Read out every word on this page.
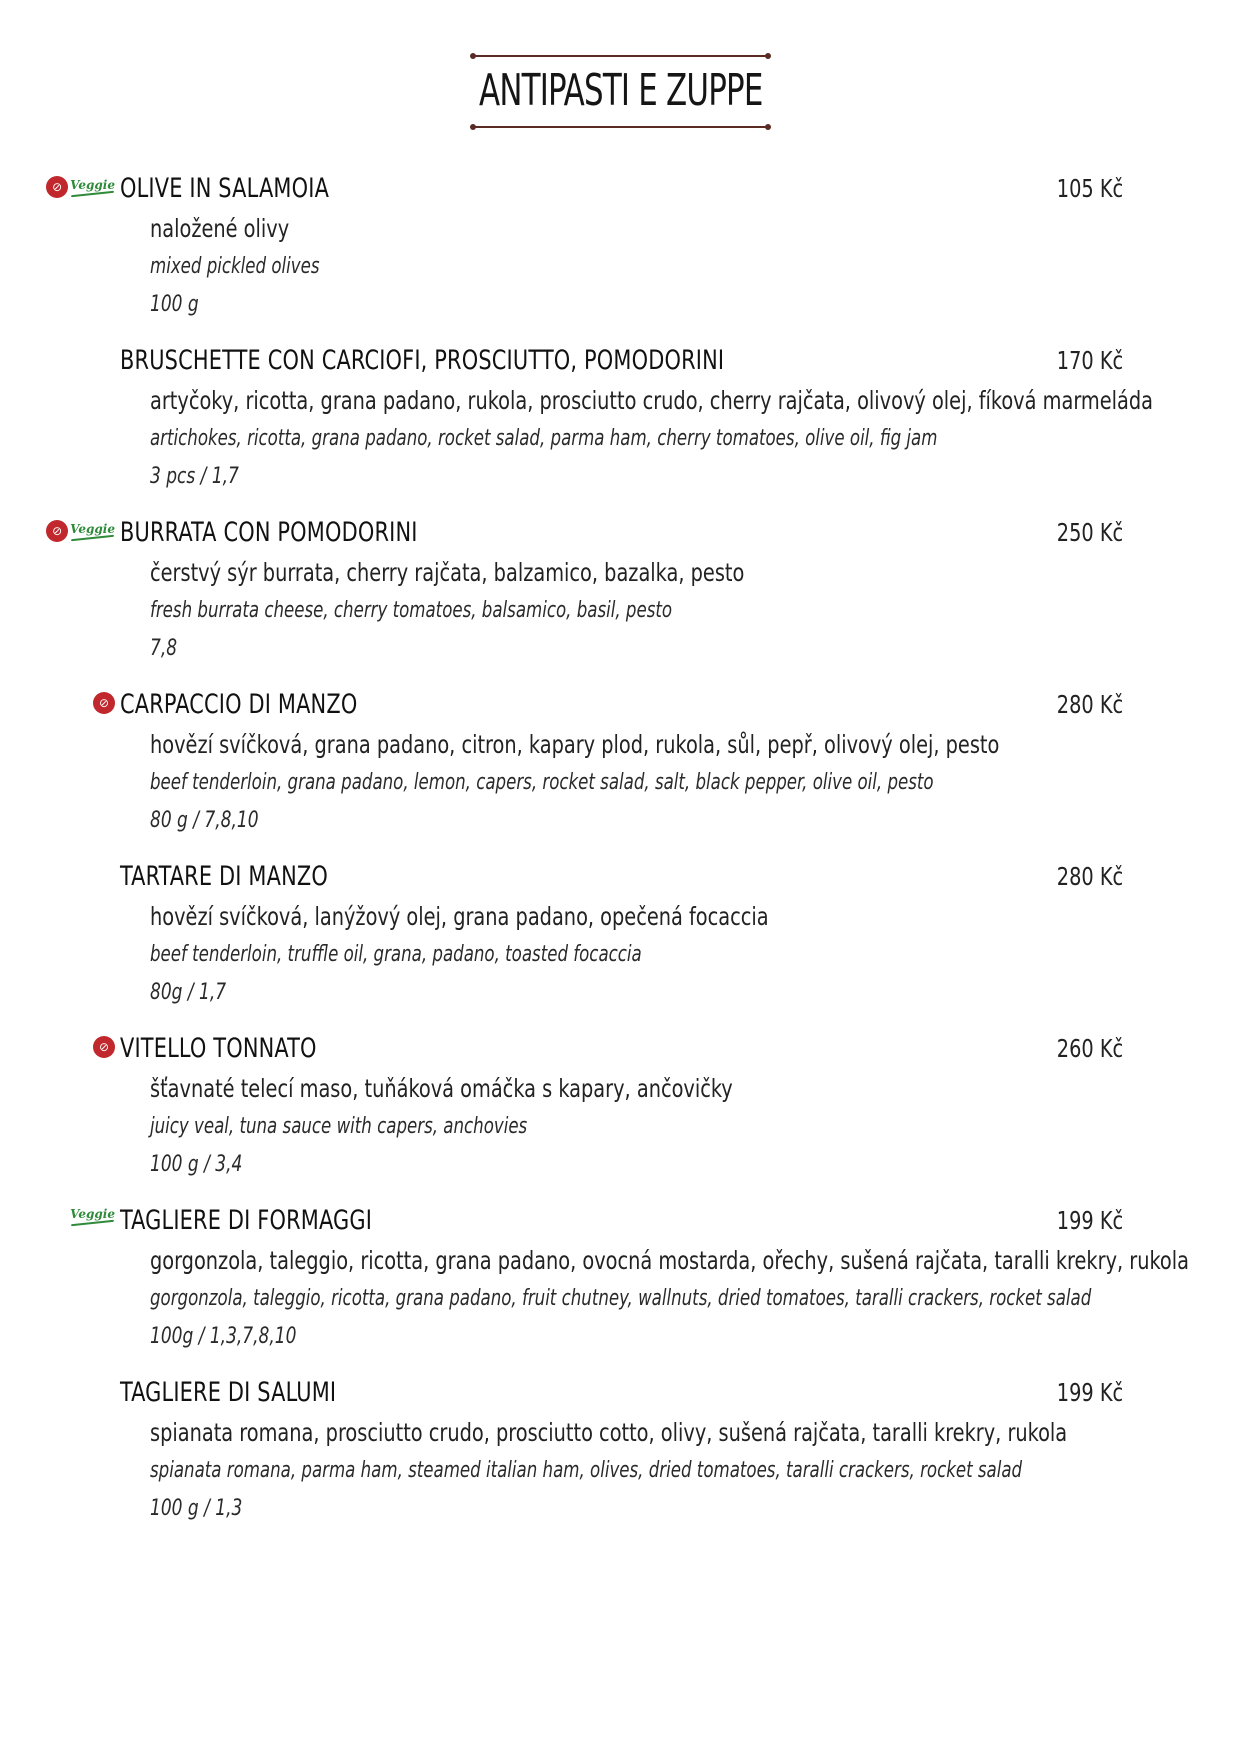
ANTIPASTI E ZUPPE
⊘ Veggie OLIVE IN SALAMOIA	105 Kč
naložené olivy
mixed pickled olives
100 g
BRUSCHETTE CON CARCIOFI, PROSCIUTTO, POMODORINI	170 Kč
artyčoky, ricotta, grana padano, rukola, prosciutto crudo, cherry rajčata, olivový olej, fíková marmeláda
artichokes, ricotta, grana padano, rocket salad, parma ham, cherry tomatoes, olive oil, fig jam
3 pcs / 1,7
⊘ Veggie BURRATA CON POMODORINI	250 Kč
čerstvý sýr burrata, cherry rajčata, balzamico, bazalka, pesto
fresh burrata cheese, cherry tomatoes, balsamico, basil, pesto
7,8
⊘ CARPACCIO DI MANZO	280 Kč
hovězí svíčková, grana padano, citron, kapary plod, rukola, sůl, pepř, olivový olej, pesto
beef tenderloin, grana padano, lemon, capers, rocket salad, salt, black pepper, olive oil, pesto
80 g / 7,8,10
TARTARE DI MANZO	280 Kč
hovězí svíčková, lanýžový olej, grana padano, opečená focaccia
beef tenderloin, truffle oil, grana, padano, toasted focaccia
80g / 1,7
⊘ VITELLO TONNATO	260 Kč
šťavnaté telecí maso, tuňáková omáčka s kapary, ančovičky
juicy veal, tuna sauce with capers, anchovies
100 g / 3,4
Veggie TAGLIERE DI FORMAGGI	199 Kč
gorgonzola, taleggio, ricotta, grana padano, ovocná mostarda, ořechy, sušená rajčata, taralli krekry, rukola
gorgonzola, taleggio, ricotta, grana padano, fruit chutney, wallnuts, dried tomatoes, taralli crackers, rocket salad
100g / 1,3,7,8,10
TAGLIERE DI SALUMI	199 Kč
spianata romana, prosciutto crudo, prosciutto cotto, olivy, sušená rajčata, taralli krekry, rukola
spianata romana, parma ham, steamed italian ham, olives, dried tomatoes, taralli crackers, rocket salad
100 g / 1,3
